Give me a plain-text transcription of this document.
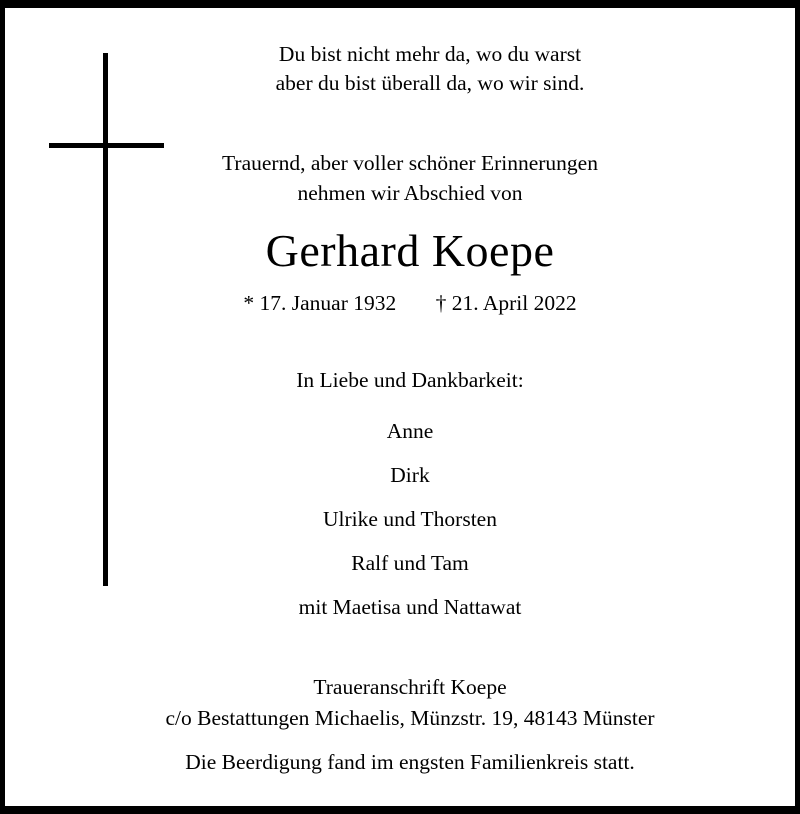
Du bist nicht mehr da, wo du warst
aber du bist überall da, wo wir sind.
Trauernd, aber voller schöner Erinnerungen
nehmen wir Abschied von
Gerhard Koepe
* 17. Januar 1932 † 21. April 2022
In Liebe und Dankbarkeit:
Anne
Dirk
Ulrike und Thorsten
Ralf und Tam
mit Maetisa und Nattawat
Traueranschrift Koepe
c/o Bestattungen Michaelis, Münzstr. 19, 48143 Münster
Die Beerdigung fand im engsten Familienkreis statt.
